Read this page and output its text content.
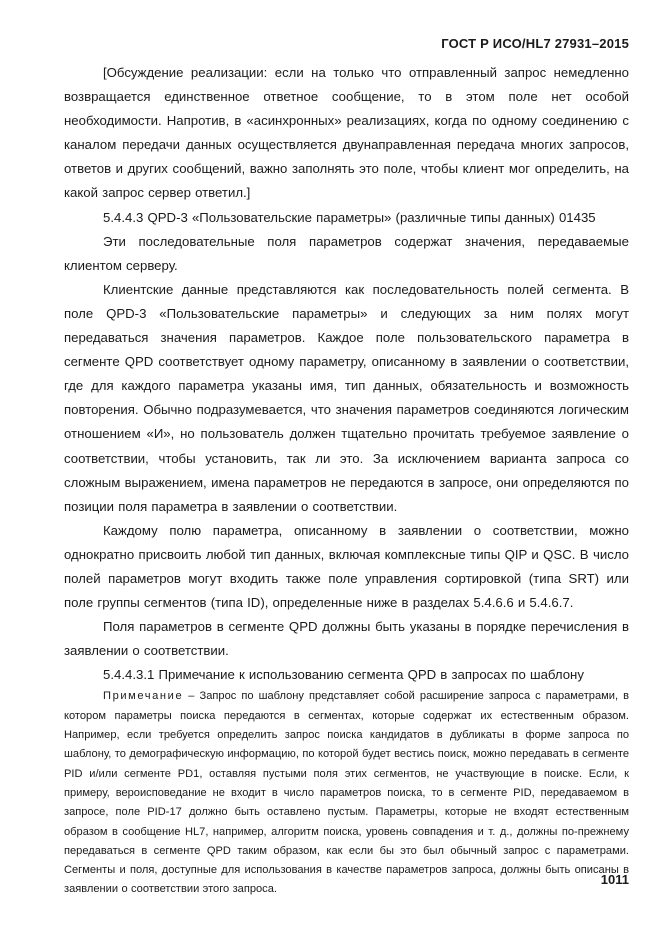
ГОСТ Р ИСО/HL7 27931–2015

[Обсуждение реализации: если на только что отправленный запрос немедленно возвращается единственное ответное сообщение, то в этом поле нет особой необходимости. Напротив, в «асинхронных» реализациях, когда по одному соединению с каналом передачи данных осуществляется двунаправленная передача многих запросов, ответов и других сообщений, важно заполнять это поле, чтобы клиент мог определить, на какой запрос сервер ответил.]

5.4.4.3 QPD-3 «Пользовательские параметры» (различные типы данных) 01435

Эти последовательные поля параметров содержат значения, передаваемые клиентом серверу.

Клиентские данные представляются как последовательность полей сегмента. В поле QPD-3 «Пользовательские параметры» и следующих за ним полях могут передаваться значения параметров. Каждое поле пользовательского параметра в сегменте QPD соответствует одному параметру, описанному в заявлении о соответствии, где для каждого параметра указаны имя, тип данных, обязательность и возможность повторения. Обычно подразумевается, что значения параметров соединяются логическим отношением «И», но пользователь должен тщательно прочитать требуемое заявление о соответствии, чтобы установить, так ли это. За исключением варианта запроса со сложным выражением, имена параметров не передаются в запросе, они определяются по позиции поля параметра в заявлении о соответствии.

Каждому полю параметра, описанному в заявлении о соответствии, можно однократно присвоить любой тип данных, включая комплексные типы QIP и QSC. В число полей параметров могут входить также поле управления сортировкой (типа SRT) или поле группы сегментов (типа ID), определенные ниже в разделах 5.4.6.6 и 5.4.6.7.

Поля параметров в сегменте QPD должны быть указаны в порядке перечисления в заявлении о соответствии.

5.4.4.3.1 Примечание к использованию сегмента QPD в запросах по шаблону

Примечание – Запрос по шаблону представляет собой расширение запроса с параметрами, в котором параметры поиска передаются в сегментах, которые содержат их естественным образом. Например, если требуется определить запрос поиска кандидатов в дубликаты в форме запроса по шаблону, то демографическую информацию, по которой будет вестись поиск, можно передавать в сегменте PID и/или сегменте PD1, оставляя пустыми поля этих сегментов, не участвующие в поиске. Если, к примеру, вероисповедание не входит в число параметров поиска, то в сегменте PID, передаваемом в запросе, поле PID-17 должно быть оставлено пустым. Параметры, которые не входят естественным образом в сообщение HL7, например, алгоритм поиска, уровень совпадения и т. д., должны по-прежнему передаваться в сегменте QPD таким образом, как если бы это был обычный запрос с параметрами. Сегменты и поля, доступные для использования в качестве параметров запроса, должны быть описаны в заявлении о соответствии этого запроса.

1011
